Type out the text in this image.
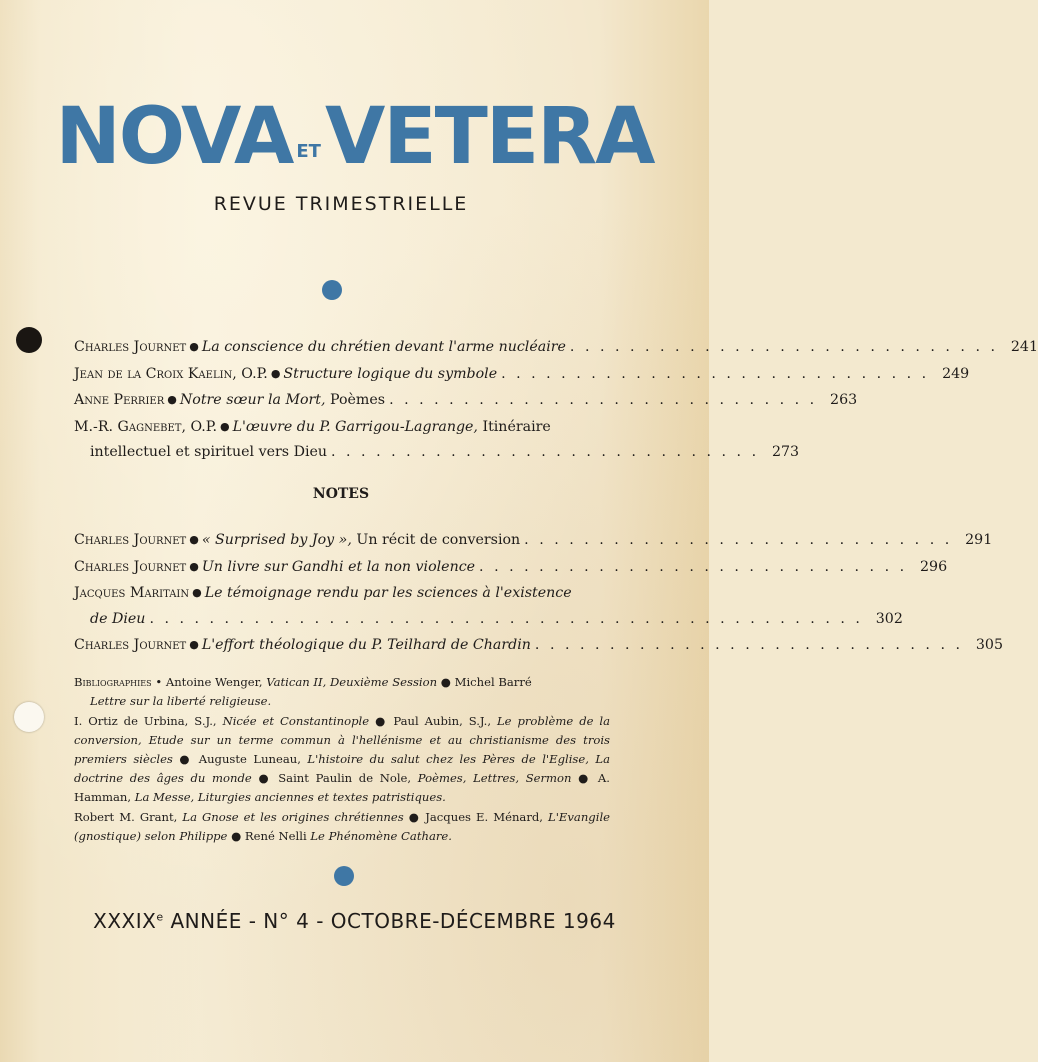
NOVA ETVETERA
REVUE TRIMESTRIELLE
Charles Journet ● La conscience du chrétien devant l'arme nucléaire . . . . . . . . . . . . . . . . . . . . . . . . . . . . . 241
Jean de la Croix Kaelin, O.P. ● Structure logique du symbole . . . . . . . . . . . . . . . . . . . . . . . . . . . . . 249
Anne Perrier ● Notre sœur la Mort, Poèmes . . . . . . . . . . . . . . . . . . . . . . . . . . . . . 263
M.-R. Gagnebet, O.P. ● L'œuvre du P. Garrigou-Lagrange, Itinéraire
intellectuel et spirituel vers Dieu . . . . . . . . . . . . . . . . . . . . . . . . . . . . . 273
NOTES
Charles Journet ● « Surprised by Joy », Un récit de conversion . . . . . . . . . . . . . . . . . . . . . . . . . . . . . 291
Charles Journet ● Un livre sur Gandhi et la non violence . . . . . . . . . . . . . . . . . . . . . . . . . . . . . 296
Jacques Maritain ● Le témoignage rendu par les sciences à l'existence
de Dieu . . . . . . . . . . . . . . . . . . . . . . . . . . . . . . . . . . . . . . . . . . . . . . . . 302
Charles Journet ● L'effort théologique du P. Teilhard de Chardin . . . . . . . . . . . . . . . . . . . . . . . . . . . . . 305
Bibliographies • Antoine Wenger, Vatican II, Deuxième Session ● Michel Barré
Lettre sur la liberté religieuse.
I. Ortiz de Urbina, S.J., Nicée et Constantinople ● Paul Aubin, S.J., Le problème de la conversion, Etude sur un terme commun à l'hellénisme et au christianisme des trois premiers siècles ● Auguste Luneau, L'histoire du salut chez les Pères de l'Eglise, La doctrine des âges du monde ● Saint Paulin de Nole, Poèmes, Lettres, Sermon ● A. Hamman, La Messe, Liturgies anciennes et textes patristiques.
Robert M. Grant, La Gnose et les origines chrétiennes ● Jacques E. Ménard, L'Evangile (gnostique) selon Philippe ● René Nelli Le Phénomène Cathare.
XXXIXe ANNÉE - N° 4 - OCTOBRE-DÉCEMBRE 1964
